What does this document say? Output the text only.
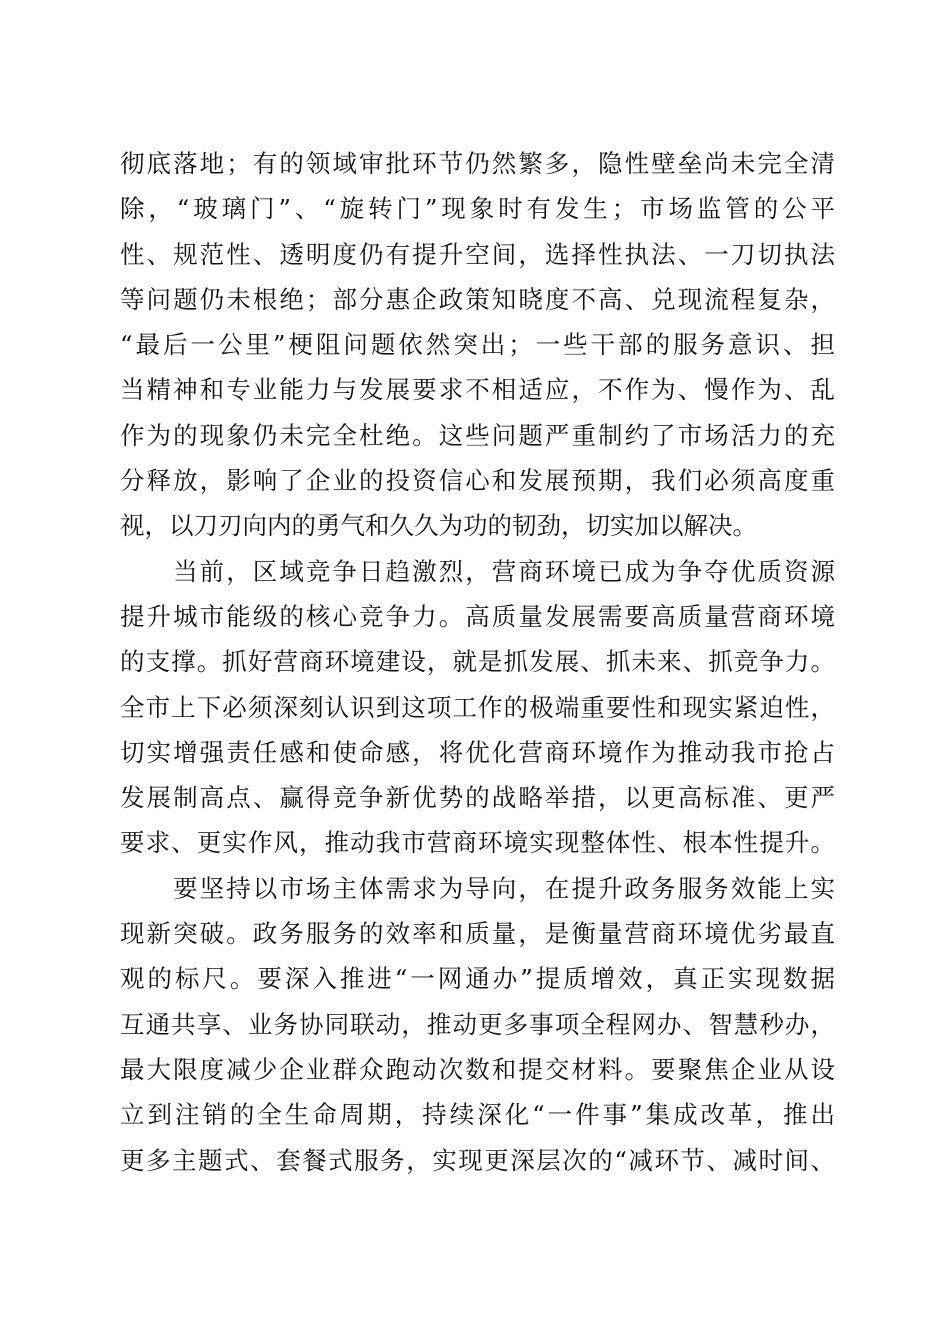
彻底落地；有的领域审批环节仍然繁多，隐性壁垒尚未完全清
除，“玻璃门”、“旋转门”现象时有发生；市场监管的公平
性、规范性、透明度仍有提升空间，选择性执法、一刀切执法
等问题仍未根绝；部分惠企政策知晓度不高、兑现流程复杂，
“最后一公里”梗阻问题依然突出；一些干部的服务意识、担
当精神和专业能力与发展要求不相适应，不作为、慢作为、乱
作为的现象仍未完全杜绝。这些问题严重制约了市场活力的充
分释放，影响了企业的投资信心和发展预期，我们必须高度重
视，以刀刃向内的勇气和久久为功的韧劲，切实加以解决。
　　当前，区域竞争日趋激烈，营商环境已成为争夺优质资源
提升城市能级的核心竞争力。高质量发展需要高质量营商环境
的支撑。抓好营商环境建设，就是抓发展、抓未来、抓竞争力。
全市上下必须深刻认识到这项工作的极端重要性和现实紧迫性，
切实增强责任感和使命感，将优化营商环境作为推动我市抢占
发展制高点、赢得竞争新优势的战略举措，以更高标准、更严
要求、更实作风，推动我市营商环境实现整体性、根本性提升。
　　要坚持以市场主体需求为导向，在提升政务服务效能上实
现新突破。政务服务的效率和质量，是衡量营商环境优劣最直
观的标尺。要深入推进“一网通办”提质增效，真正实现数据
互通共享、业务协同联动，推动更多事项全程网办、智慧秒办，
最大限度减少企业群众跑动次数和提交材料。要聚焦企业从设
立到注销的全生命周期，持续深化“一件事”集成改革，推出
更多主题式、套餐式服务，实现更深层次的“减环节、减时间、
